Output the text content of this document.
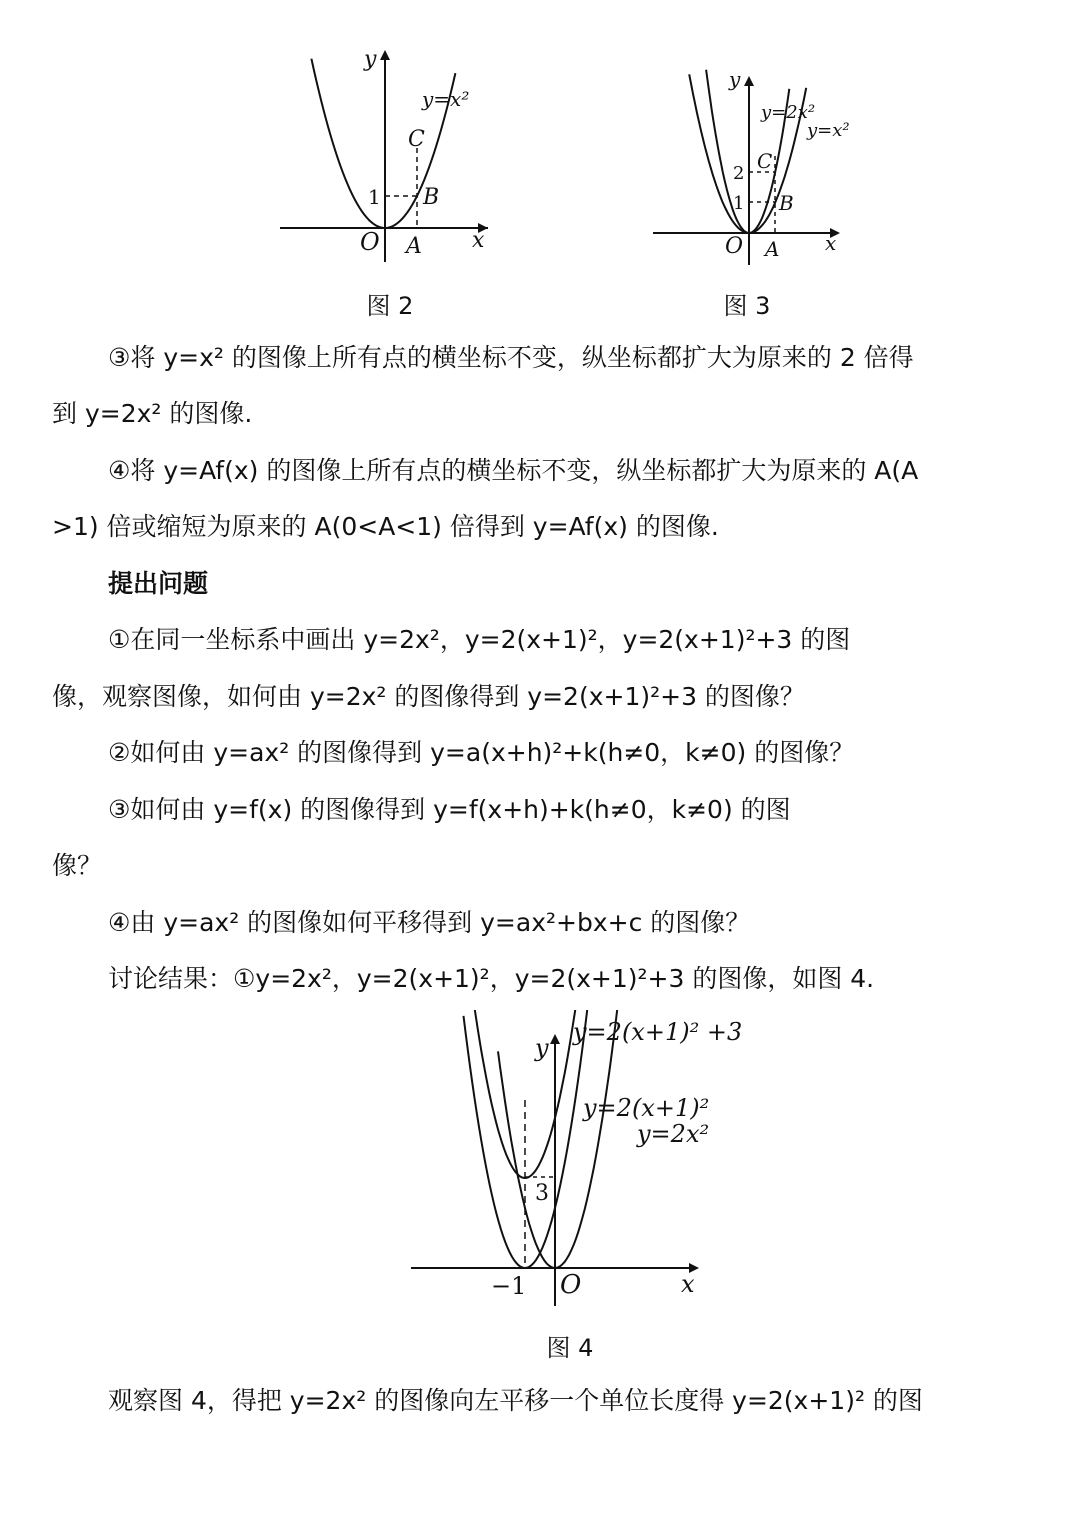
y
x
O A
B
C
1
y=x²
图 2
y
x
O A
B
C
1
2
y=2x²
y=x²
图 3
③将 y=x² 的图像上所有点的横坐标不变，纵坐标都扩大为原来的 2 倍得
到 y=2x² 的图像.
④将 y=Af(x) 的图像上所有点的横坐标不变，纵坐标都扩大为原来的 A(A
>1) 倍或缩短为原来的 A(0<A<1) 倍得到 y=Af(x) 的图像.
提出问题
①在同一坐标系中画出 y=2x²，y=2(x+1)²，y=2(x+1)²+3 的图
像，观察图像，如何由 y=2x² 的图像得到 y=2(x+1)²+3 的图像？
②如何由 y=ax² 的图像得到 y=a(x+h)²+k(h≠0，k≠0) 的图像？
③如何由 y=f(x) 的图像得到 y=f(x+h)+k(h≠0，k≠0) 的图
像？
④由 y=ax² 的图像如何平移得到 y=ax²+bx+c 的图像？
讨论结果：①y=2x²，y=2(x+1)²，y=2(x+1)²+3 的图像，如图 4.
y
x
O
−1
3
y=2(x+1)² +3
y=2(x+1)²
y=2x²
图 4
观察图 4，得把 y=2x² 的图像向左平移一个单位长度得 y=2(x+1)² 的图
